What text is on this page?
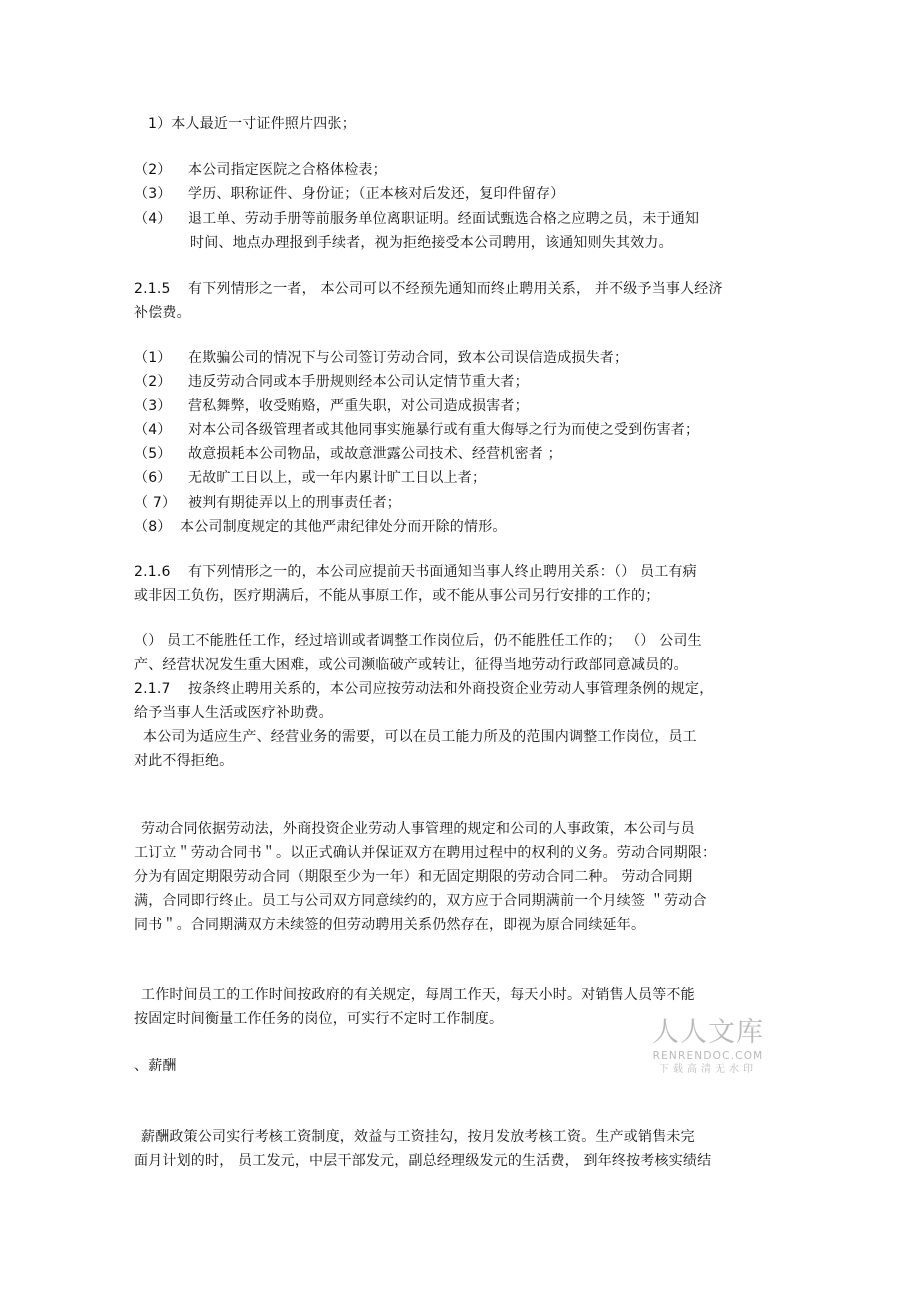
1）本人最近一寸证件照片四张；
（2） 本公司指定医院之合格体检表；
（3） 学历、职称证件、身份证；（正本核对后发还，复印件留存）
（4） 退工单、劳动手册等前服务单位离职证明。经面试甄选合格之应聘之员，未于通知
时间、地点办理报到手续者，视为拒绝接受本公司聘用，该通知则失其效力。
2.1.5 有下列情形之一者， 本公司可以不经预先通知而终止聘用关系， 并不级予当事人经济
补偿费。
（1） 在欺骗公司的情况下与公司签订劳动合同，致本公司误信造成损失者；
（2） 违反劳动合同或本手册规则经本公司认定情节重大者；
（3） 营私舞弊，收受贿赂，严重失职，对公司造成损害者；
（4） 对本公司各级管理者或其他同事实施暴行或有重大侮辱之行为而使之受到伤害者；
（5） 故意损耗本公司物品，或故意泄露公司技术、经营机密者 ；
（6） 无故旷工日以上，或一年内累计旷工日以上者；
（ 7） 被判有期徒弄以上的刑事责任者；
（8） 本公司制度规定的其他严肃纪律处分而开除的情形。
2.1.6 有下列情形之一的，本公司应提前天书面通知当事人终止聘用关系：（） 员工有病
或非因工负伤，医疗期满后，不能从事原工作，或不能从事公司另行安排的工作的；
（） 员工不能胜任工作，经过培训或者调整工作岗位后，仍不能胜任工作的； （） 公司生
产、经营状况发生重大困难，或公司濒临破产或转让，征得当地劳动行政部同意减员的。
2.1.7 按条终止聘用关系的，本公司应按劳动法和外商投资企业劳动人事管理条例的规定，
给予当事人生活或医疗补助费。
本公司为适应生产、经营业务的需要，可以在员工能力所及的范围内调整工作岗位，员工
对此不得拒绝。
劳动合同依据劳动法，外商投资企业劳动人事管理的规定和公司的人事政策，本公司与员
工订立＂劳动合同书＂。以正式确认并保证双方在聘用过程中的权利的义务。劳动合同期限：
分为有固定期限劳动合同（期限至少为一年）和无固定期限的劳动合同二种。 劳动合同期
满，合同即行终止。员工与公司双方同意续约的，双方应于合同期满前一个月续签 ＂劳动合
同书＂。合同期满双方未续签的但劳动聘用关系仍然存在，即视为原合同续延年。
工作时间员工的工作时间按政府的有关规定，每周工作天，每天小时。对销售人员等不能
按固定时间衡量工作任务的岗位，可实行不定时工作制度。
、薪酬
薪酬政策公司实行考核工资制度，效益与工资挂勾，按月发放考核工资。生产或销售未完
面月计划的时， 员工发元，中层干部发元，副总经理级发元的生活费， 到年终按考核实绩结
人人文库
RENRENDOC.COM
下载高清无水印
